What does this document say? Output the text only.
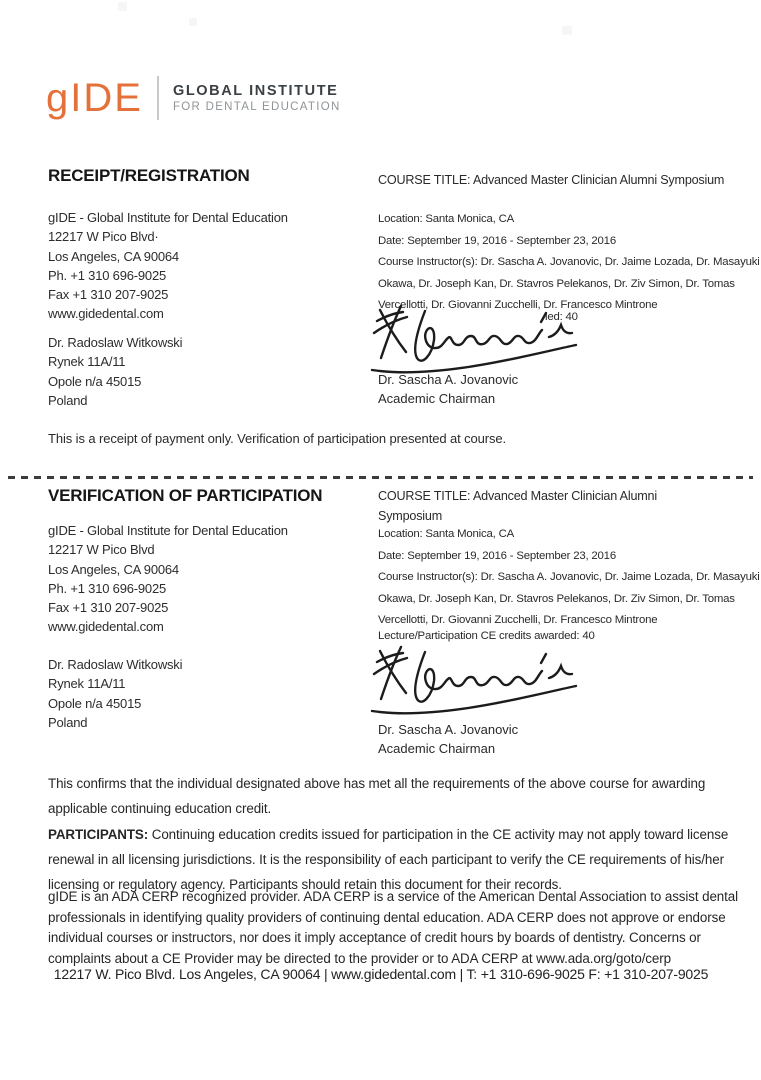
gIDE	GLOBAL INSTITUTE
FOR DENTAL EDUCATION
RECEIPT/REGISTRATION	COURSE TITLE: Advanced Master Clinician Alumni Symposium
gIDE - Global Institute for Dental Education
12217 W Pico Blvd·
Los Angeles, CA 90064
Ph. +1 310 696-9025
Fax +1 310 207-9025
www.gidedental.com
Location: Santa Monica, CA
Date: September 19, 2016 - September 23, 2016
Course Instructor(s): Dr. Sascha A. Jovanovic, Dr. Jaime Lozada, Dr. Masayuki
Okawa, Dr. Joseph Kan, Dr. Stavros Pelekanos, Dr. Ziv Simon, Dr. Tomas
Vercellotti, Dr. Giovanni Zucchelli, Dr. Francesco Mintrone
led: 40
Dr. Radoslaw Witkowski
Rynek 11A/11
Opole n/a 45015
Poland
Dr. Sascha A. Jovanovic
Academic Chairman
This is a receipt of payment only. Verification of participation presented at course.
VERIFICATION OF PARTICIPATION	COURSE TITLE: Advanced Master Clinician Alumni
Symposium
gIDE - Global Institute for Dental Education
12217 W Pico Blvd
Los Angeles, CA 90064
Ph. +1 310 696-9025
Fax +1 310 207-9025
www.gidedental.com
Location: Santa Monica, CA
Date: September 19, 2016 - September 23, 2016
Course Instructor(s): Dr. Sascha A. Jovanovic, Dr. Jaime Lozada, Dr. Masayuki
Okawa, Dr. Joseph Kan, Dr. Stavros Pelekanos, Dr. Ziv Simon, Dr. Tomas
Vercellotti, Dr. Giovanni Zucchelli, Dr. Francesco Mintrone
Lecture/Participation CE credits awarded: 40
Dr. Radoslaw Witkowski
Rynek 11A/11
Opole n/a 45015
Poland	Dr. Sascha A. Jovanovic
Academic Chairman
This confirms that the individual designated above has met all the requirements of the above course for awarding applicable continuing education credit.
PARTICIPANTS: Continuing education credits issued for participation in the CE activity may not apply toward license renewal in all licensing jurisdictions. It is the responsibility of each participant to verify the CE requirements of his/her licensing or regulatory agency. Participants should retain this document for their records.
gIDE is an ADA CERP recognized provider. ADA CERP is a service of the American Dental Association to assist dental professionals in identifying quality providers of continuing dental education. ADA CERP does not approve or endorse individual courses or instructors, nor does it imply acceptance of credit hours by boards of dentistry. Concerns or complaints about a CE Provider may be directed to the provider or to ADA CERP at www.ada.org/goto/cerp
12217 W. Pico Blvd. Los Angeles, CA 90064 | www.gidedental.com | T: +1 310-696-9025 F: +1 310-207-9025
